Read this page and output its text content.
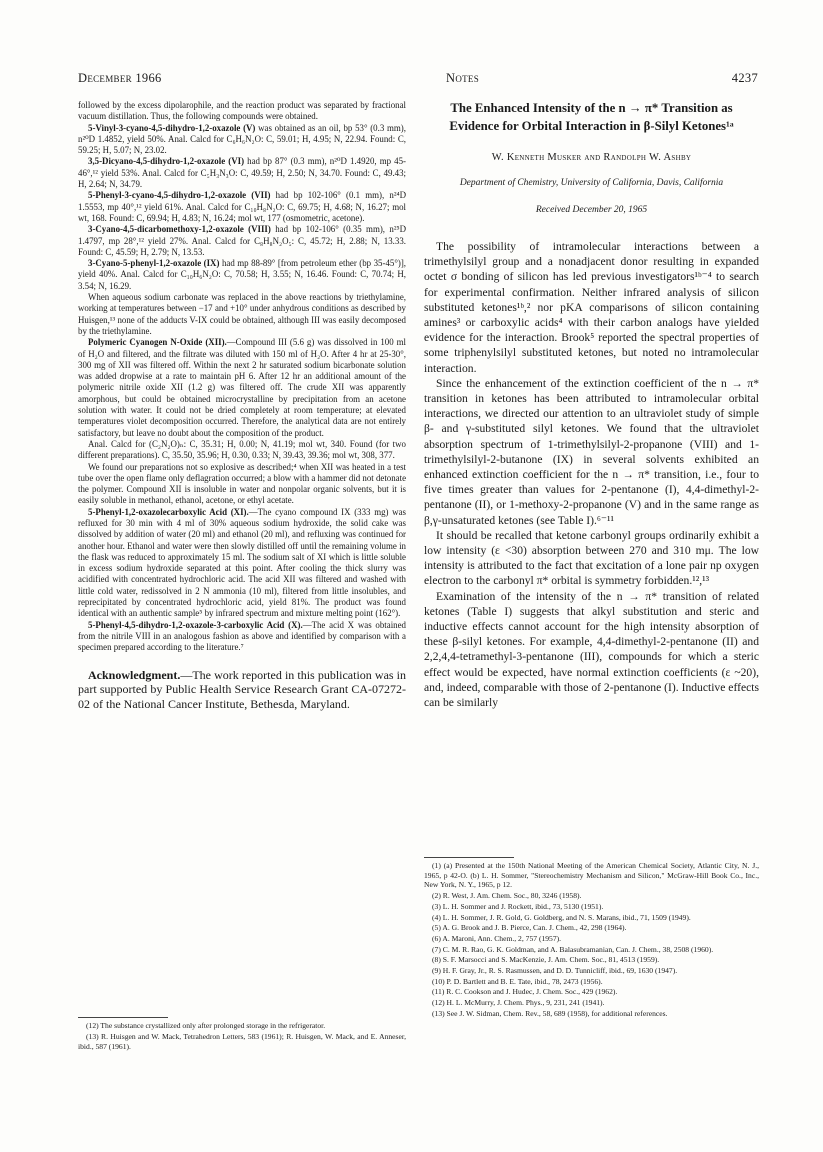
December 1966	Notes	4237

followed by the excess dipolarophile, and the reaction product was separated by fractional vacuum distillation. Thus, the following compounds were obtained.

5-Vinyl-3-cyano-4,5-dihydro-1,2-oxazole (V) was obtained as an oil, bp 53° (0.3 mm), n²⁰D 1.4852, yield 50%. Anal. Calcd for C₆H₆N₂O: C, 59.01; H, 4.95; N, 22.94. Found: C, 59.25; H, 5.07; N, 23.02.

3,5-Dicyano-4,5-dihydro-1,2-oxazole (VI) had bp 87° (0.3 mm), n²⁰D 1.4920, mp 45-46°,¹² yield 53%. Anal. Calcd for C₅H₃N₃O: C, 49.59; H, 2.50; N, 34.70. Found: C, 49.43; H, 2.64; N, 34.79.

5-Phenyl-3-cyano-4,5-dihydro-1,2-oxazole (VII) had bp 102-106° (0.1 mm), n²⁴D 1.5553, mp 40°,¹² yield 61%. Anal. Calcd for C₁₀H₈N₂O: C, 69.75; H, 4.68; N, 16.27; mol wt, 168. Found: C, 69.94; H, 4.83; N, 16.24; mol wt, 177 (osmometric, acetone).

3-Cyano-4,5-dicarbomethoxy-1,2-oxazole (VIII) had bp 102-106° (0.35 mm), n²⁵D 1.4797, mp 28°,¹² yield 27%. Anal. Calcd for C₈H₈N₂O₅: C, 45.72; H, 2.88; N, 13.33. Found: C, 45.59; H, 2.79; N, 13.53.

3-Cyano-5-phenyl-1,2-oxazole (IX) had mp 88-89° [from petroleum ether (bp 35-45°)], yield 40%. Anal. Calcd for C₁₀H₆N₂O: C, 70.58; H, 3.55; N, 16.46. Found: C, 70.74; H, 3.54; N, 16.29.

When aqueous sodium carbonate was replaced in the above reactions by triethylamine, working at temperatures between −17 and +10° under anhydrous conditions as described by Huisgen,¹³ none of the adducts V-IX could be obtained, although III was easily decomposed by the triethylamine.

Polymeric Cyanogen N-Oxide (XII).—Compound III (5.6 g) was dissolved in 100 ml of H₂O and filtered, and the filtrate was diluted with 150 ml of H₂O. After 4 hr at 25-30°, 300 mg of XII was filtered off. Within the next 2 hr saturated sodium bicarbonate solution was added dropwise at a rate to maintain pH 6. After 12 hr an additional amount of the polymeric nitrile oxide XII (1.2 g) was filtered off. The crude XII was apparently amorphous, but could be obtained microcrystalline by precipitation from an acetone solution with water. It could not be dried completely at room temperature; at elevated temperatures violet decomposition occurred. Therefore, the analytical data are not entirely satisfactory, but leave no doubt about the composition of the product.

Anal. Calcd for (C₂N₂O)ₙ: C, 35.31; H, 0.00; N, 41.19; mol wt, 340. Found (for two different preparations). C, 35.50, 35.96; H, 0.30, 0.33; N, 39.43, 39.36; mol wt, 308, 377.

We found our preparations not so explosive as described;⁴ when XII was heated in a test tube over the open flame only deflagration occurred; a blow with a hammer did not detonate the polymer. Compound XII is insoluble in water and nonpolar organic solvents, but it is easily soluble in methanol, ethanol, acetone, or ethyl acetate.

5-Phenyl-1,2-oxazolecarboxylic Acid (XI).—The cyano compound IX (333 mg) was refluxed for 30 min with 4 ml of 30% aqueous sodium hydroxide, the solid cake was dissolved by addition of water (20 ml) and ethanol (20 ml), and refluxing was continued for another hour. Ethanol and water were then slowly distilled off until the remaining volume in the flask was reduced to approximately 15 ml. The sodium salt of XI which is little soluble in excess sodium hydroxide separated at this point. After cooling the thick slurry was acidified with concentrated hydrochloric acid. The acid XII was filtered and washed with little cold water, redissolved in 2 N ammonia (10 ml), filtered from little insolubles, and reprecipitated by concentrated hydrochloric acid, yield 81%. The product was found identical with an authentic sample⁵ by infrared spectrum and mixture melting point (162°).

5-Phenyl-4,5-dihydro-1,2-oxazole-3-carboxylic Acid (X).—The acid X was obtained from the nitrile VIII in an analogous fashion as above and identified by comparison with a specimen prepared according to the literature.⁷

Acknowledgment.—The work reported in this publication was in part supported by Public Health Service Research Grant CA-07272-02 of the National Cancer Institute, Bethesda, Maryland.

(12) The substance crystallized only after prolonged storage in the refrigerator.

(13) R. Huisgen and W. Mack, Tetrahedron Letters, 583 (1961); R. Huisgen, W. Mack, and E. Anneser, ibid., 587 (1961).

The Enhanced Intensity of the n → π* Transition as Evidence for Orbital Interaction in β-Silyl Ketones¹ᵃ

W. Kenneth Musker and Randolph W. Ashby

Department of Chemistry, University of California, Davis, California

Received December 20, 1965

The possibility of intramolecular interactions between a trimethylsilyl group and a nonadjacent donor resulting in expanded octet σ bonding of silicon has led previous investigators¹ᵇ⁻⁴ to search for experimental confirmation. Neither infrared analysis of silicon substituted ketones¹ᵇ,² nor pKA comparisons of silicon containing amines³ or carboxylic acids⁴ with their carbon analogs have yielded evidence for the interaction. Brook⁵ reported the spectral properties of some triphenylsilyl substituted ketones, but noted no intramolecular interaction.

Since the enhancement of the extinction coefficient of the n → π* transition in ketones has been attributed to intramolecular orbital interactions, we directed our attention to an ultraviolet study of simple β- and γ-substituted silyl ketones. We found that the ultraviolet absorption spectrum of 1-trimethylsilyl-2-propanone (VIII) and 1-trimethylsilyl-2-butanone (IX) in several solvents exhibited an enhanced extinction coefficient for the n → π* transition, i.e., four to five times greater than values for 2-pentanone (I), 4,4-dimethyl-2-pentanone (II), or 1-methoxy-2-propanone (V) and in the same range as β,γ-unsaturated ketones (see Table I).⁶⁻¹¹

It should be recalled that ketone carbonyl groups ordinarily exhibit a low intensity (ε <30) absorption between 270 and 310 mμ. The low intensity is attributed to the fact that excitation of a lone pair np oxygen electron to the carbonyl π* orbital is symmetry forbidden.¹²,¹³

Examination of the intensity of the n → π* transition of related ketones (Table I) suggests that alkyl substitution and steric and inductive effects cannot account for the high intensity absorption of these β-silyl ketones. For example, 4,4-dimethyl-2-pentanone (II) and 2,2,4,4-tetramethyl-3-pentanone (III), compounds for which a steric effect would be expected, have normal extinction coefficients (ε ~20), and, indeed, comparable with those of 2-pentanone (I). Inductive effects can be similarly

(1) (a) Presented at the 150th National Meeting of the American Chemical Society, Atlantic City, N. J., 1965, p 42-O. (b) L. H. Sommer, "Stereochemistry Mechanism and Silicon," McGraw-Hill Book Co., Inc., New York, N. Y., 1965, p 12.

(2) R. West, J. Am. Chem. Soc., 80, 3246 (1958).

(3) L. H. Sommer and J. Rockett, ibid., 73, 5130 (1951).

(4) L. H. Sommer, J. R. Gold, G. Goldberg, and N. S. Marans, ibid., 71, 1509 (1949).

(5) A. G. Brook and J. B. Pierce, Can. J. Chem., 42, 298 (1964).

(6) A. Maroni, Ann. Chem., 2, 757 (1957).

(7) C. M. R. Rao, G. K. Goldman, and A. Balasubramanian, Can. J. Chem., 38, 2508 (1960).

(8) S. F. Marsocci and S. MacKenzie, J. Am. Chem. Soc., 81, 4513 (1959).

(9) H. F. Gray, Jr., R. S. Rasmussen, and D. D. Tunnicliff, ibid., 69, 1630 (1947).

(10) P. D. Bartlett and B. E. Tate, ibid., 78, 2473 (1956).

(11) R. C. Cookson and J. Hudec, J. Chem. Soc., 429 (1962).

(12) H. L. McMurry, J. Chem. Phys., 9, 231, 241 (1941).

(13) See J. W. Sidman, Chem. Rev., 58, 689 (1958), for additional references.
